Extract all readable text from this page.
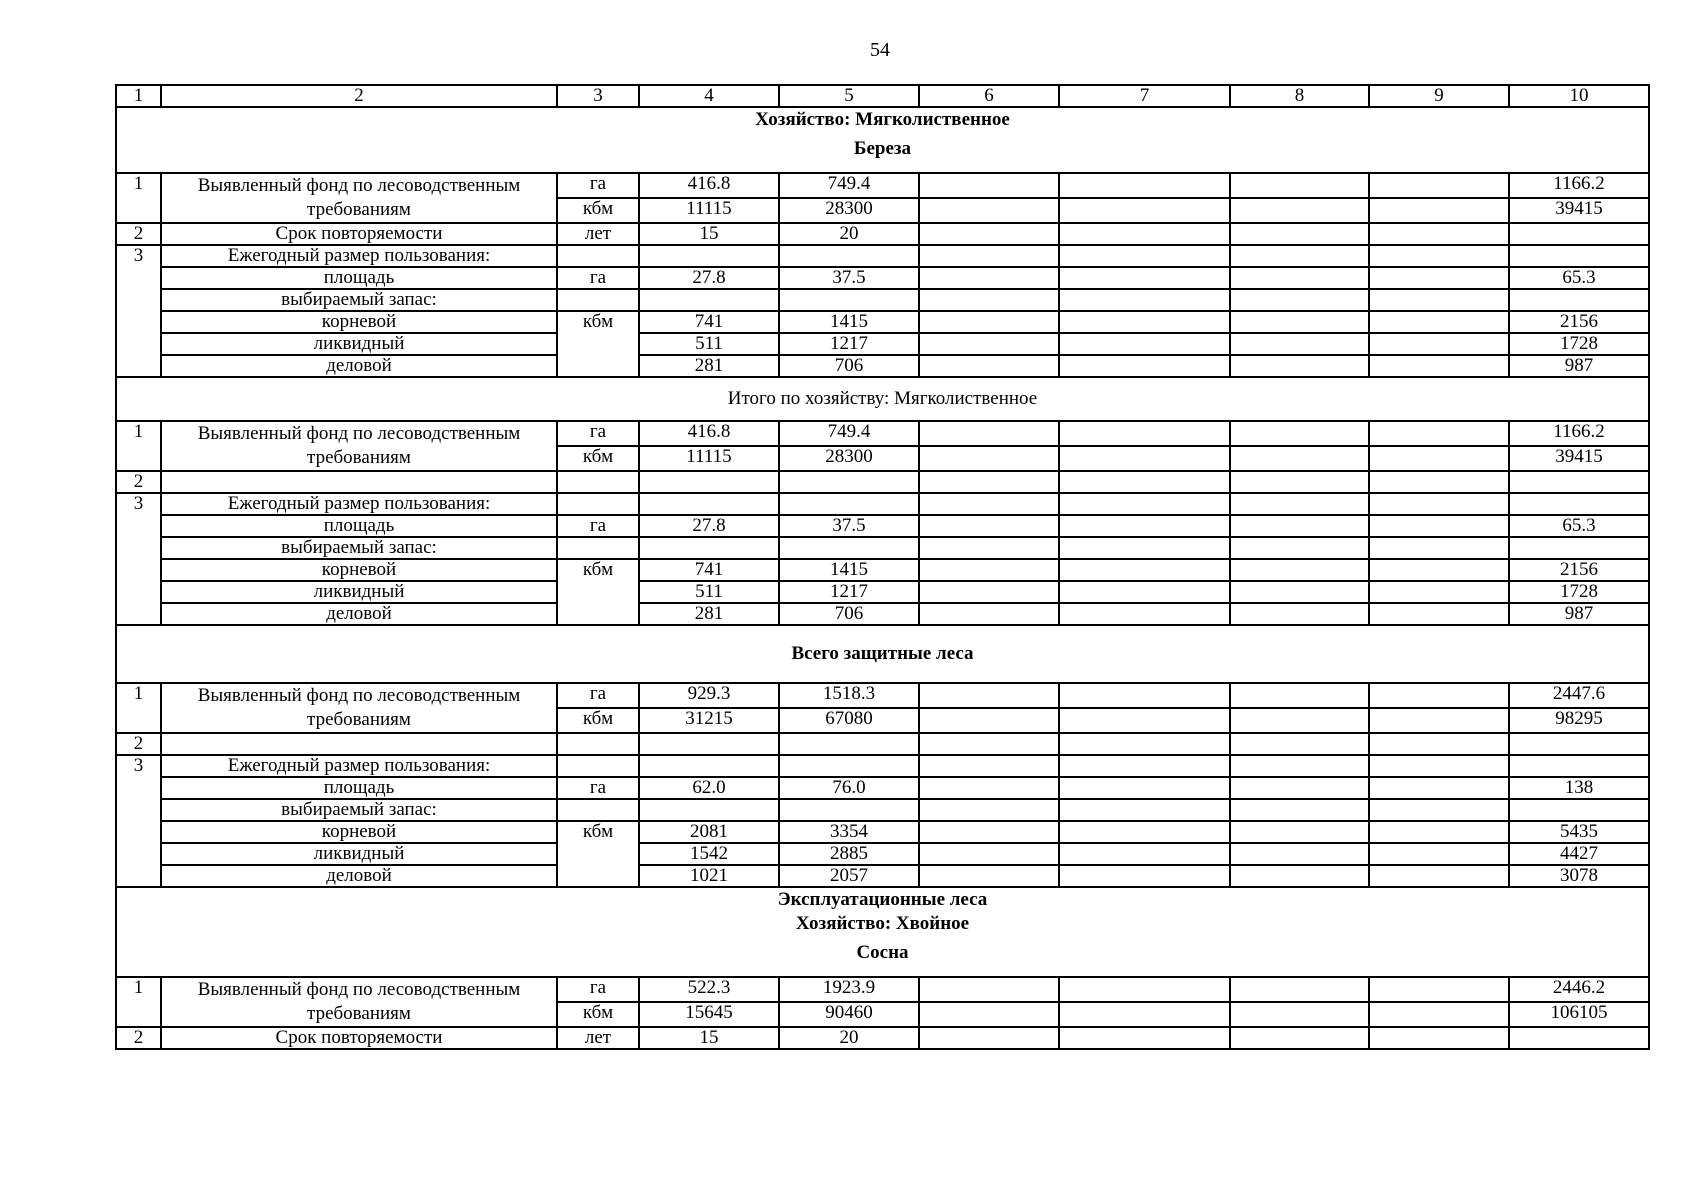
54
1	2	3	4	5	6	7	8	9	10

Хозяйство: Мягколиственное
Береза									

1	Выявленный фонд по лесоводственным требованиям	га	416.8	749.4					1166.2
		кбм	11115	28300					39415
2	Срок повторяемости	лет	15	20					
3	Ежегодный размер пользования:								
	площадь	га	27.8	37.5					65.3
	выбираемый запас:								
	корневой	кбм	741	1415					2156
	ликвидный		511	1217					1728
	деловой		281	706					987
Итого по хозяйству: Мягколиственное									
1	Выявленный фонд по лесоводственным требованиям	га	416.8	749.4					1166.2
		кбм	11115	28300					39415
2									
3	Ежегодный размер пользования:								
	площадь	га	27.8	37.5					65.3
	выбираемый запас:								
	корневой	кбм	741	1415					2156
	ликвидный		511	1217					1728
	деловой		281	706					987
Всего защитные леса									
1	Выявленный фонд по лесоводственным требованиям	га	929.3	1518.3					2447.6
		кбм	31215	67080					98295
2									
3	Ежегодный размер пользования:								
	площадь	га	62.0	76.0					138
	выбираемый запас:								
	корневой	кбм	2081	3354					5435
	ликвидный		1542	2885					4427
	деловой		1021	2057					3078

Эксплуатационные леса
Хозяйство: Хвойное
Сосна									

1	Выявленный фонд по лесоводственным требованиям	га	522.3	1923.9					2446.2
		кбм	15645	90460					106105
2	Срок повторяемости	лет	15	20					
